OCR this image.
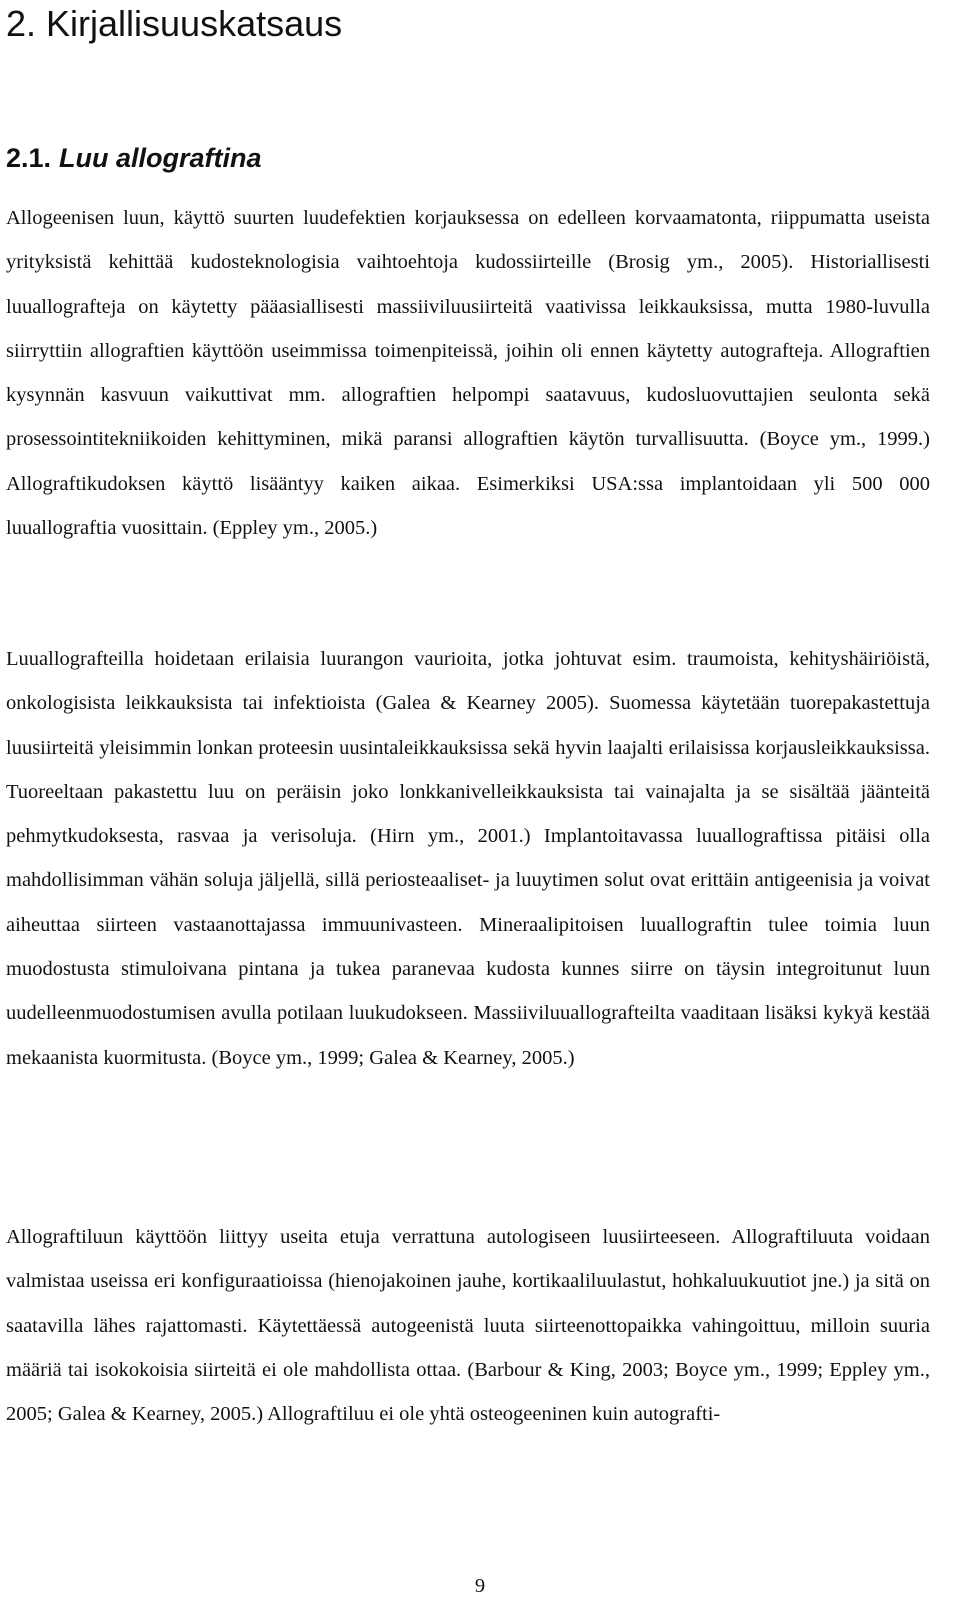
2. Kirjallisuuskatsaus
2.1. Luu allograftina

Allogeenisen luun, käyttö suurten luudefektien korjauksessa on edelleen korvaamatonta, riippumatta useista yrityksistä kehittää kudosteknologisia vaihtoehtoja kudossiirteille (Brosig ym., 2005). Historiallisesti luuallografteja on käytetty pääasiallisesti massiiviluusiirteitä vaativissa leikkauksissa, mutta 1980-luvulla siirryttiin allograftien käyttöön useimmissa toimenpiteissä, joihin oli ennen käytetty autografteja. Allograftien kysynnän kasvuun vaikuttivat mm. allograftien helpompi saatavuus, kudosluovuttajien seulonta sekä prosessointitekniikoiden kehittyminen, mikä paransi allograftien käytön turvallisuutta. (Boyce ym., 1999.) Allograftikudoksen käyttö lisääntyy kaiken aikaa. Esimerkiksi USA:ssa implantoidaan yli 500 000 luuallograftia vuosittain. (Eppley ym., 2005.)

Luuallografteilla hoidetaan erilaisia luurangon vaurioita, jotka johtuvat esim. traumoista, kehityshäiriöistä, onkologisista leikkauksista tai infektioista (Galea & Kearney 2005). Suomessa käytetään tuorepakastettuja luusiirteitä yleisimmin lonkan proteesin uusintaleikkauksissa sekä hyvin laajalti erilaisissa korjausleikkauksissa. Tuoreeltaan pakastettu luu on peräisin joko lonkkanivelleikkauksista tai vainajalta ja se sisältää jäänteitä pehmytkudoksesta, rasvaa ja verisoluja. (Hirn ym., 2001.) Implantoitavassa luuallograftissa pitäisi olla mahdollisimman vähän soluja jäljellä, sillä periosteaaliset- ja luuytimen solut ovat erittäin antigeenisia ja voivat aiheuttaa siirteen vastaanottajassa immuunivasteen. Mineraalipitoisen luuallograftin tulee toimia luun muodostusta stimuloivana pintana ja tukea paranevaa kudosta kunnes siirre on täysin integroitunut luun uudelleenmuodostumisen avulla potilaan luukudokseen. Massiiviluuallografteilta vaaditaan lisäksi kykyä kestää mekaanista kuormitusta. (Boyce ym., 1999; Galea & Kearney, 2005.)

Allograftiluun käyttöön liittyy useita etuja verrattuna autologiseen luusiirteeseen. Allograftiluuta voidaan valmistaa useissa eri konfiguraatioissa (hienojakoinen jauhe, kortikaaliluulastut, hohkaluukuutiot jne.) ja sitä on saatavilla lähes rajattomasti. Käytettäessä autogeenistä luuta siirteenottopaikka vahingoittuu, milloin suuria määriä tai isokokoisia siirteitä ei ole mahdollista ottaa. (Barbour & King, 2003; Boyce ym., 1999; Eppley ym., 2005; Galea & Kearney, 2005.) Allograftiluu ei ole yhtä osteogeeninen kuin autografti-

9
